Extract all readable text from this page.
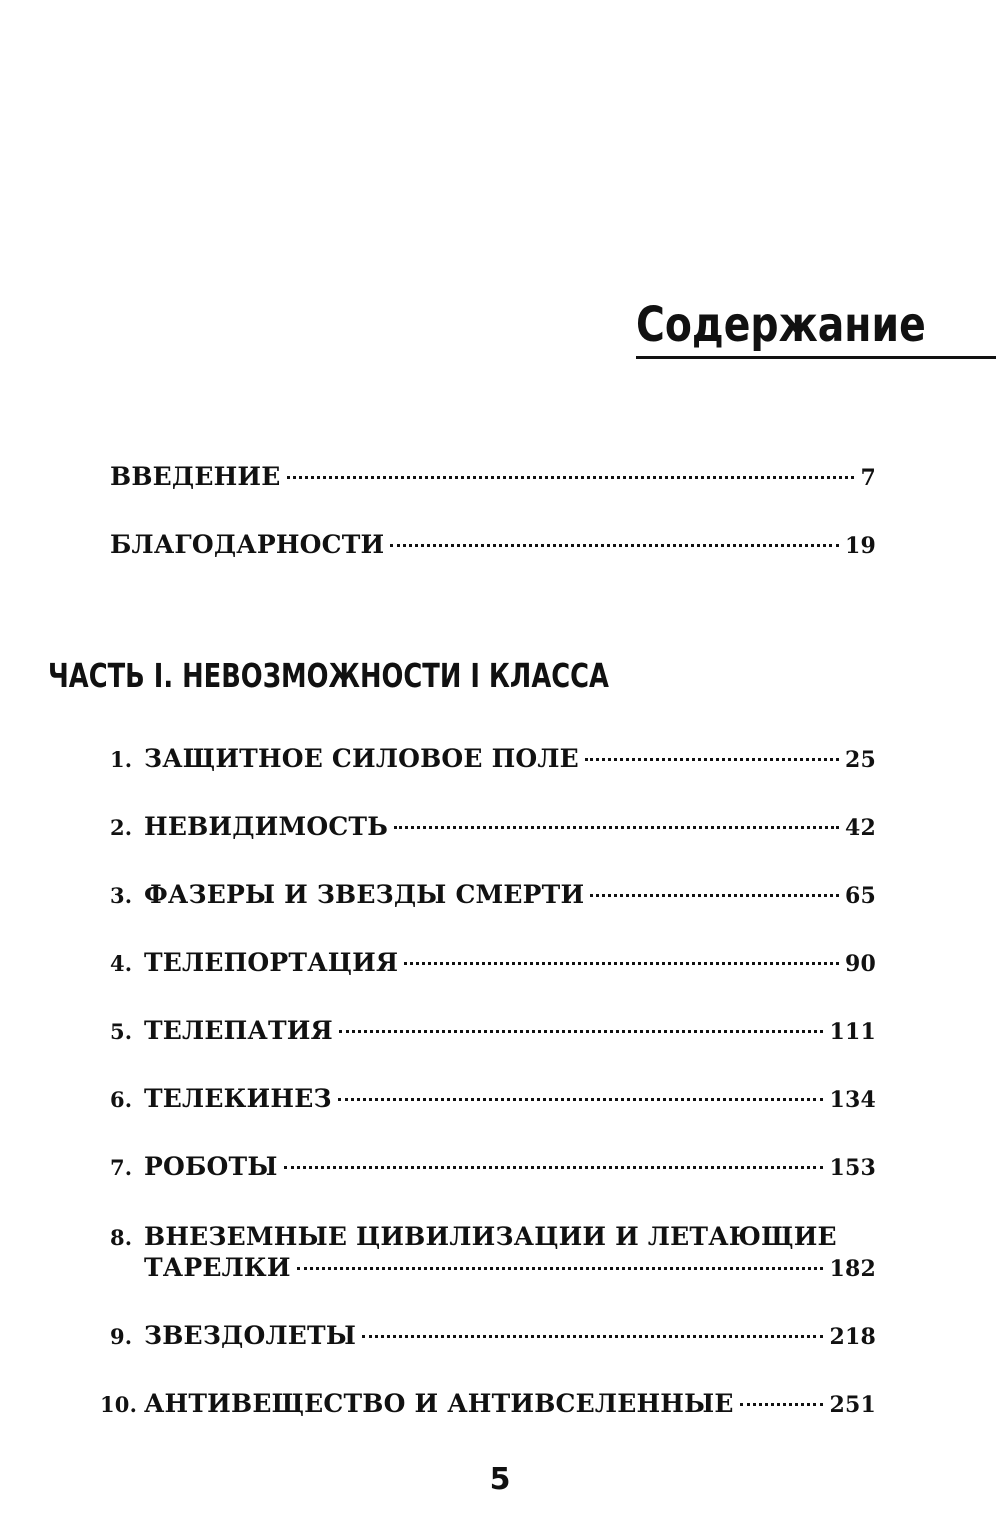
Содержание
ВВЕДЕНИЕ	7
БЛАГОДАРНОСТИ	19
ЧАСТЬ I. НЕВОЗМОЖНОСТИ I КЛАССА
1. ЗАЩИТНОЕ СИЛОВОЕ ПОЛЕ	25
2. НЕВИДИМОСТЬ	42
3. ФАЗЕРЫ И ЗВЕЗДЫ СМЕРТИ	65
4. ТЕЛЕПОРТАЦИЯ	90
5. ТЕЛЕПАТИЯ	111
6. ТЕЛЕКИНЕЗ	134
7. РОБОТЫ	153
8. ВНЕЗЕМНЫЕ ЦИВИЛИЗАЦИИ И ЛЕТАЮЩИЕ
ТАРЕЛКИ	182
9. ЗВЕЗДОЛЕТЫ	218
10. АНТИВЕЩЕСТВО И АНТИВСЕЛЕННЫЕ	251
5
